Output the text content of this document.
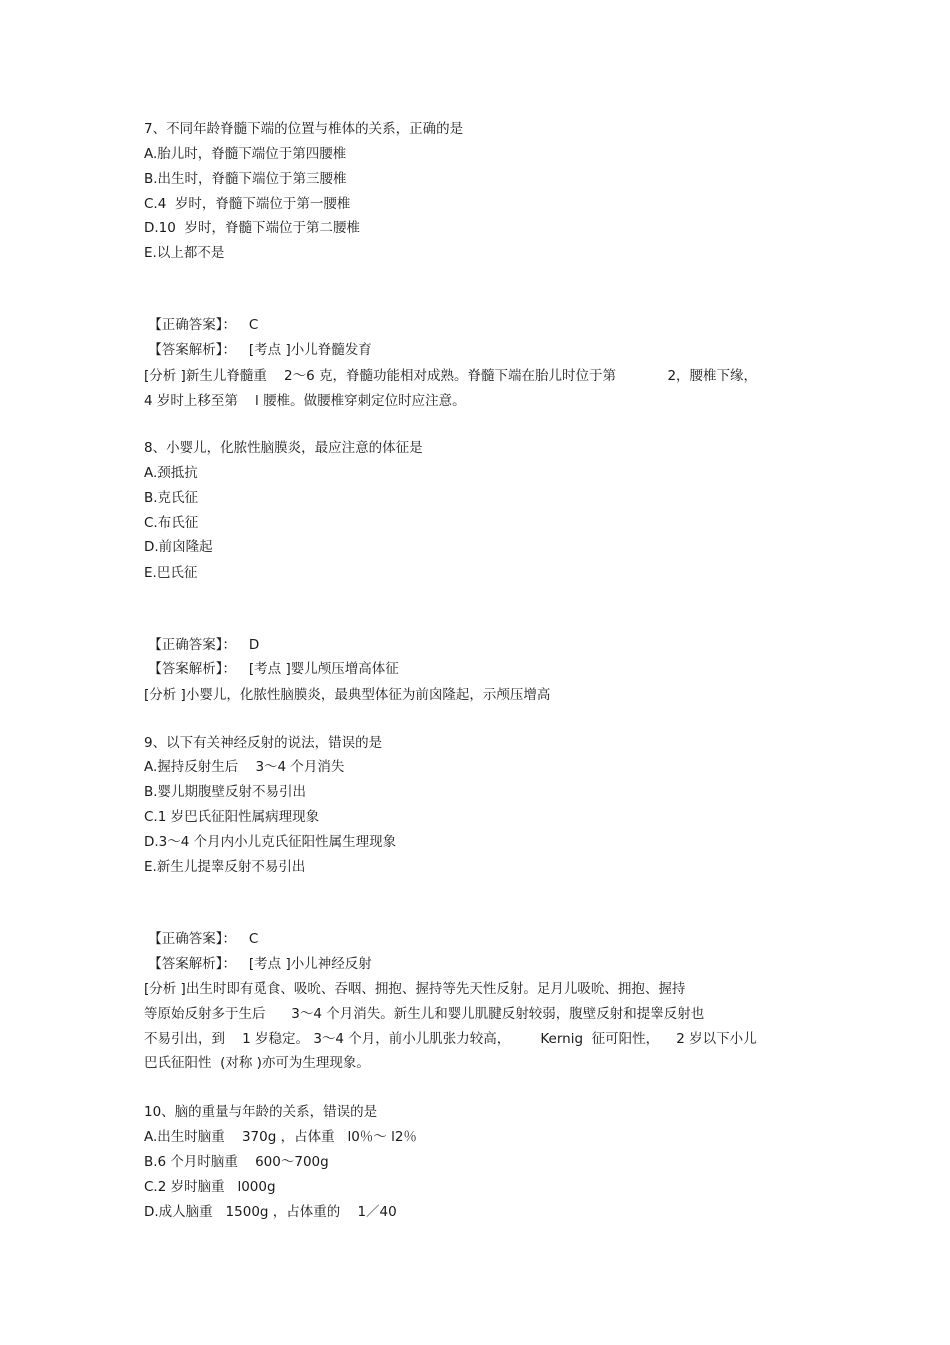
7、不同年龄脊髓下端的位置与椎体的关系，正确的是
A.胎儿时，脊髓下端位于第四腰椎
B.出生时，脊髓下端位于第三腰椎
C.4  岁时，脊髓下端位于第一腰椎
D.10  岁时，脊髓下端位于第二腰椎
E.以上都不是
【正确答案】：   C
【答案解析】：   [考点 ]小儿脊髓发育
[分析 ]新生儿脊髓重    2～6 克，脊髓功能相对成熟。脊髓下端在胎儿时位于第            2，腰椎下缘，
4 岁时上移至第    l 腰椎。做腰椎穿刺定位时应注意。
8、小婴儿，化脓性脑膜炎，最应注意的体征是
A.颈抵抗
B.克氏征
C.布氏征
D.前囟隆起
E.巴氏征
【正确答案】：   D
【答案解析】：   [考点 ]婴儿颅压增高体征
[分析 ]小婴儿，化脓性脑膜炎，最典型体征为前囟隆起，示颅压增高
9、以下有关神经反射的说法，错误的是
A.握持反射生后    3～4 个月消失
B.婴儿期腹壁反射不易引出
C.1 岁巴氏征阳性属病理现象
D.3～4 个月内小儿克氏征阳性属生理现象
E.新生儿提睾反射不易引出
【正确答案】：   C
【答案解析】：   [考点 ]小儿神经反射
[分析 ]出生时即有觅食、吸吮、吞咽、拥抱、握持等先天性反射。足月儿吸吮、拥抱、握持
等原始反射多于生后      3～4 个月消失。新生儿和婴儿肌腱反射较弱，腹壁反射和提睾反射也
不易引出，到    1 岁稳定。 3～4 个月，前小儿肌张力较高，       Kernig  征可阳性，    2 岁以下小儿
巴氏征阳性  (对称 )亦可为生理现象。
10、脑的重量与年龄的关系，错误的是
A.出生时脑重    370g ，占体重   l0％～ l2％
B.6 个月时脑重    600～700g
C.2 岁时脑重   l000g
D.成人脑重   1500g ，占体重的    1／40
